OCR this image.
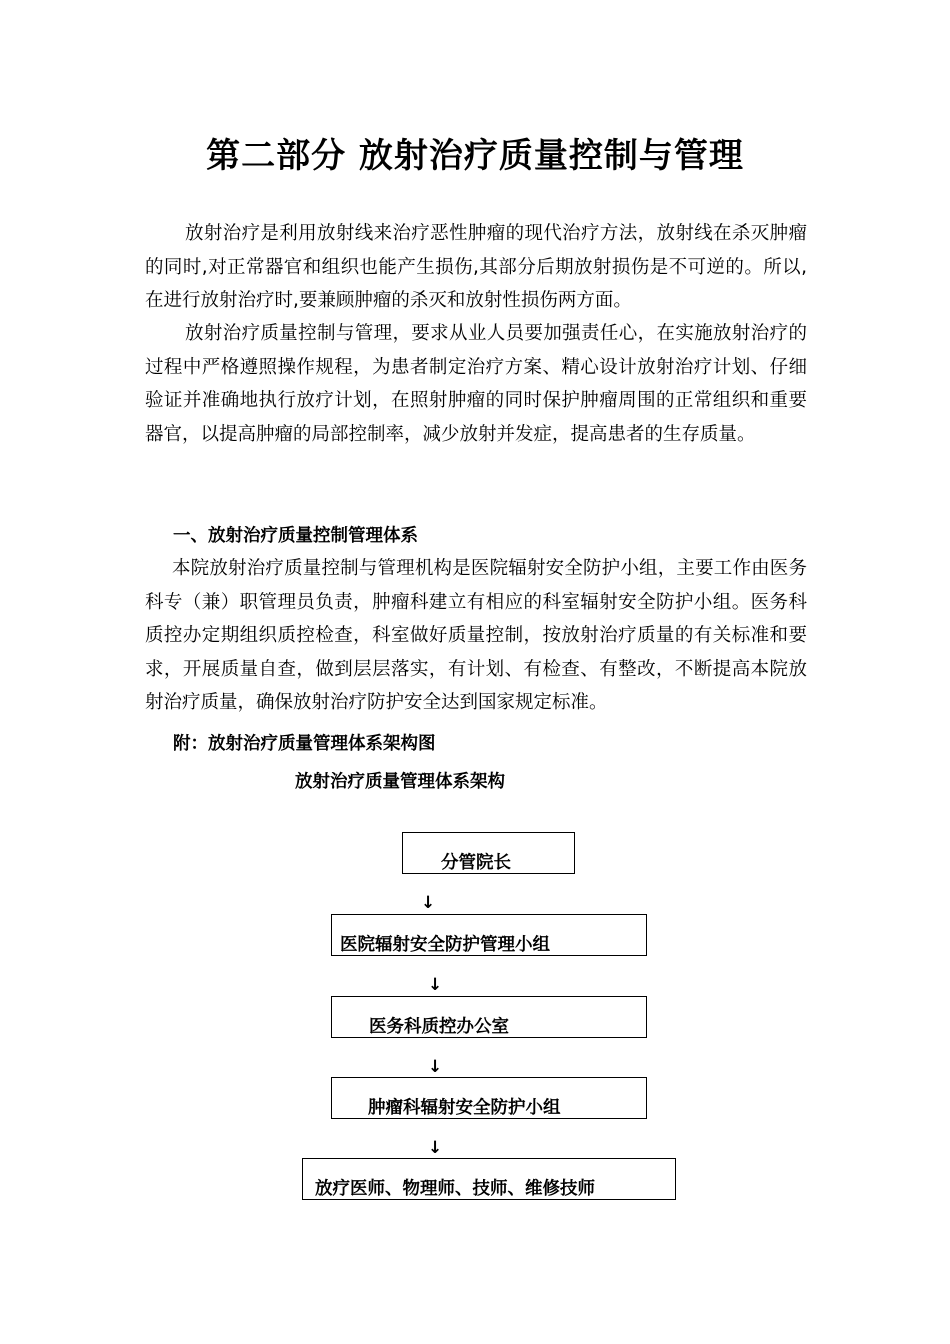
第二部分 放射治疗质量控制与管理

放射治疗是利用放射线来治疗恶性肿瘤的现代治疗方法，放射线在杀灭肿瘤的同时,对正常器官和组织也能产生损伤,其部分后期放射损伤是不可逆的。所以,在进行放射治疗时,要兼顾肿瘤的杀灭和放射性损伤两方面。

放射治疗质量控制与管理，要求从业人员要加强责任心，在实施放射治疗的过程中严格遵照操作规程，为患者制定治疗方案、精心设计放射治疗计划、仔细验证并准确地执行放疗计划，在照射肿瘤的同时保护肿瘤周围的正常组织和重要器官，以提高肿瘤的局部控制率，减少放射并发症，提高患者的生存质量。

一、放射治疗质量控制管理体系

本院放射治疗质量控制与管理机构是医院辐射安全防护小组，主要工作由医务科专（兼）职管理员负责，肿瘤科建立有相应的科室辐射安全防护小组。医务科质控办定期组织质控检查，科室做好质量控制，按放射治疗质量的有关标准和要求，开展质量自查，做到层层落实，有计划、有检查、有整改，不断提高本院放射治疗质量，确保放射治疗防护安全达到国家规定标准。

附：放射治疗质量管理体系架构图

放射治疗质量管理体系架构

分管院长
↓
医院辐射安全防护管理小组
↓
医务科质控办公室
↓
肿瘤科辐射安全防护小组
↓
放疗医师、物理师、技师、维修技师
